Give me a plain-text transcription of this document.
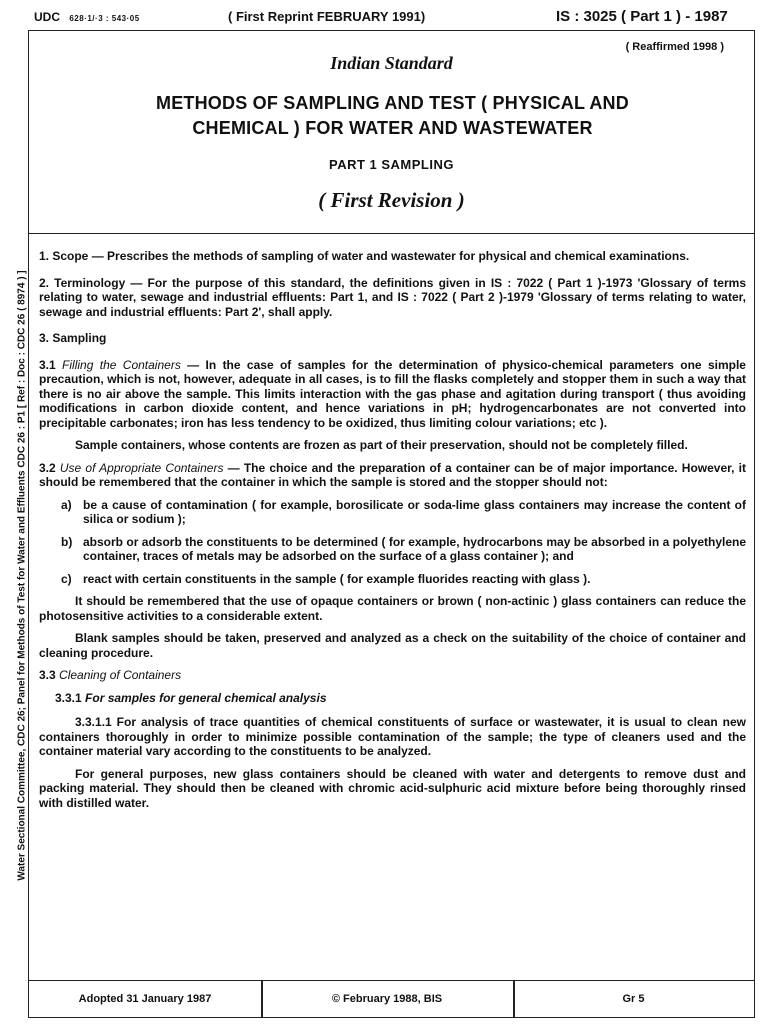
UDC 628·1/·3 : 543·05	( First Reprint FEBRUARY 1991)	IS : 3025 ( Part 1 ) - 1987
Water Sectional Committee, CDC 26; Panel for Methods of Test for Water and Effluents CDC 26 : P1 [ Ref : Doc : CDC 26 ( 8974 ) ]
( Reaffirmed 1998 )
Indian Standard
METHODS OF SAMPLING AND TEST ( PHYSICAL AND
CHEMICAL ) FOR WATER AND WASTEWATER
PART 1 SAMPLING
( First Revision )

1. Scope — Prescribes the methods of sampling of water and wastewater for physical and chemical examinations.

2. Terminology — For the purpose of this standard, the definitions given in IS : 7022 ( Part 1 )-1973 'Glossary of terms relating to water, sewage and industrial effluents: Part 1, and IS : 7022 ( Part 2 )-1979 'Glossary of terms relating to water, sewage and industrial effluents: Part 2', shall apply.

3. Sampling

3.1 Filling the Containers — In the case of samples for the determination of physico-chemical parameters one simple precaution, which is not, however, adequate in all cases, is to fill the flasks completely and stopper them in such a way that there is no air above the sample. This limits interaction with the gas phase and agitation during transport ( thus avoiding modifications in carbon dioxide content, and hence variations in pH; hydrogencarbonates are not converted into precipitable carbonates; iron has less tendency to be oxidized, thus limiting colour variations; etc ).

Sample containers, whose contents are frozen as part of their preservation, should not be completely filled.

3.2 Use of Appropriate Containers — The choice and the preparation of a container can be of major importance. However, it should be remembered that the container in which the sample is stored and the stopper should not:

a) be a cause of contamination ( for example, borosilicate or soda-lime glass containers may increase the content of silica or sodium );
b) absorb or adsorb the constituents to be determined ( for example, hydrocarbons may be absorbed in a polyethylene container, traces of metals may be adsorbed on the surface of a glass container ); and
c) react with certain constituents in the sample ( for example fluorides reacting with glass ).

It should be remembered that the use of opaque containers or brown ( non-actinic ) glass containers can reduce the photosensitive activities to a considerable extent.

Blank samples should be taken, preserved and analyzed as a check on the suitability of the choice of container and cleaning procedure.

3.3 Cleaning of Containers

3.3.1 For samples for general chemical analysis

3.3.1.1 For analysis of trace quantities of chemical constituents of surface or wastewater, it is usual to clean new containers thoroughly in order to minimize possible contamination of the sample; the type of cleaners used and the container material vary according to the constituents to be analyzed.

For general purposes, new glass containers should be cleaned with water and detergents to remove dust and packing material. They should then be cleaned with chromic acid-sulphuric acid mixture before being thoroughly rinsed with distilled water.

Adopted 31 January 1987	© February 1988, BIS	Gr 5
